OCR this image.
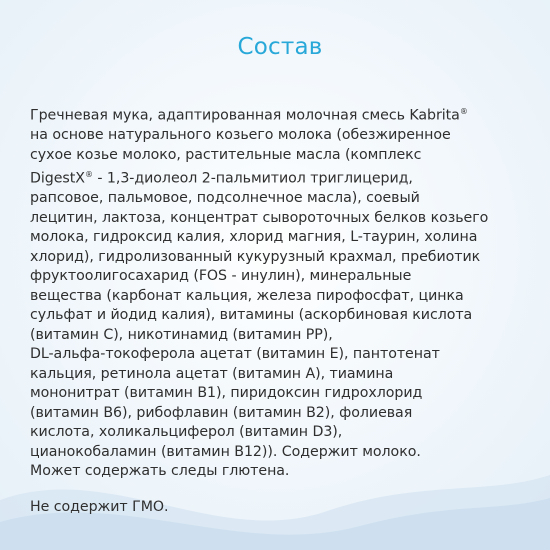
Состав
Гречневая мука, адаптированная молочная смесь Kabrita®
на основе натурального козьего молока (обезжиренное
сухое козье молоко, растительные масла (комплекс
DigestX® - 1,3-диолеол 2-пальмитиол триглицерид,
рапсовое, пальмовое, подсолнечное масла), соевый
лецитин, лактоза, концентрат сывороточных белков козьего
молока, гидроксид калия, хлорид магния, L-таурин, холина
хлорид), гидролизованный кукурузный крахмал, пребиотик
фруктоолигосахарид (FOS - инулин), минеральные
вещества (карбонат кальция, железа пирофосфат, цинка
сульфат и йодид калия), витамины (аскорбиновая кислота
(витамин С), никотинамид (витамин РР),
DL-альфа-токоферола ацетат (витамин Е), пантотенат
кальция, ретинола ацетат (витамин А), тиамина
мононитрат (витамин В1), пиридоксин гидрохлорид
(витамин В6), рибофлавин (витамин В2), фолиевая
кислота, холикальциферол (витамин D3),
цианокобаламин (витамин В12)). Содержит молоко.
Может содержать следы глютена.
Не содержит ГМО.
